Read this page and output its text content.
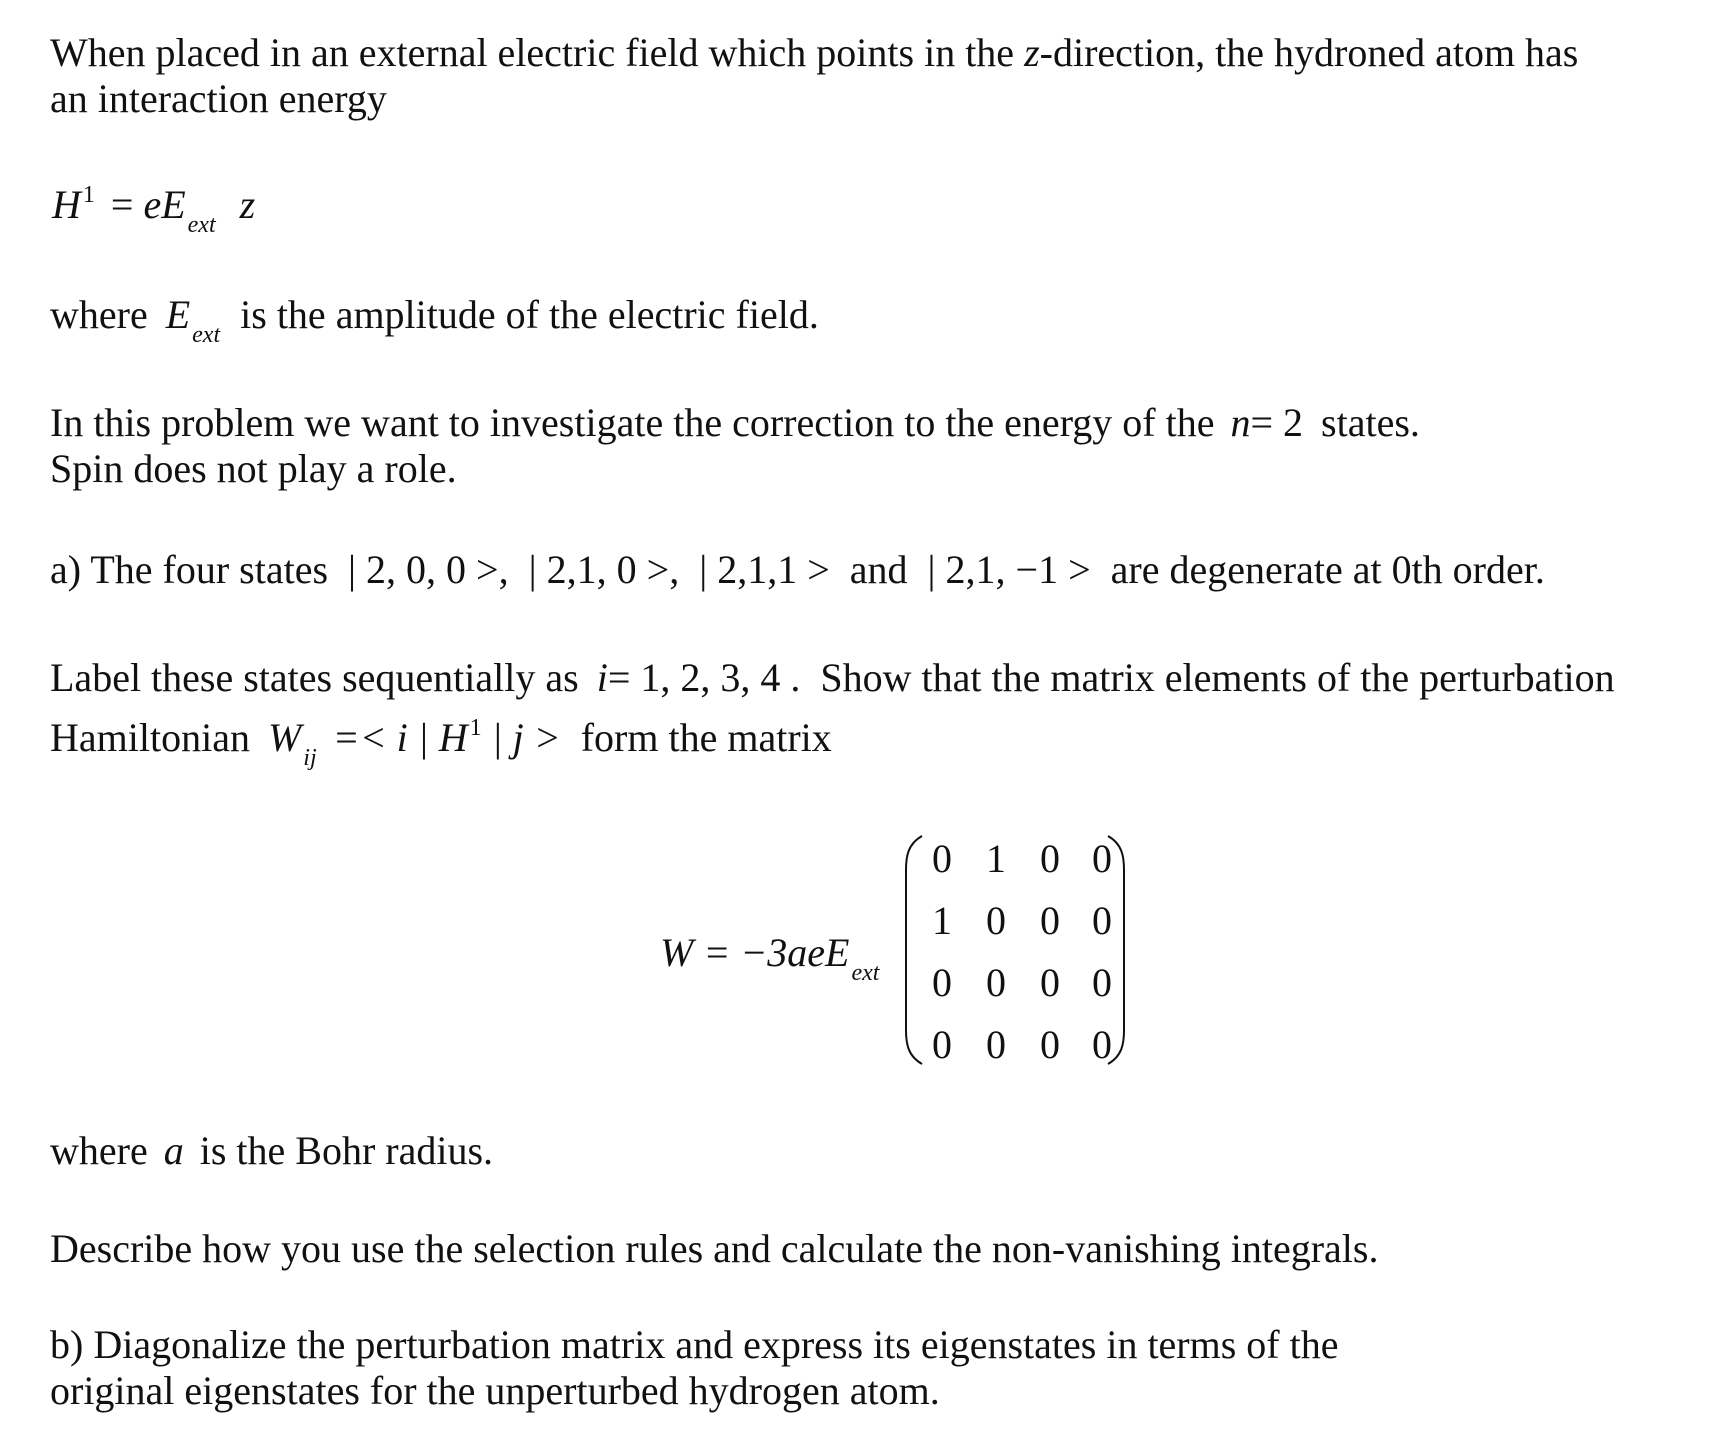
When placed in an external electric field which points in the z-direction, the hydroned atom has
an interaction energy
$H^1 = eE_{ext}$ z
where $E_{ext}$ is the amplitude of the electric field.
In this problem we want to investigate the correction to the energy of the n= 2 states.
Spin does not play a role.
a) The four states | 2, 0, 0 >, | 2,1, 0 >, | 2,1,1 > and | 2,1, −1 > are degenerate at 0th order.
Label these states sequentially as i= 1, 2, 3, 4 . Show that the matrix elements of the perturbation
Hamiltonian $W_{ij} =< i$ | $H^1$ | j > form the matrix
W = −3aeE$_{ext}$
0 1 0 0
1 0 0 0
0 0 0 0
0 0 0 0
where a is the Bohr radius.
Describe how you use the selection rules and calculate the non-vanishing integrals.
b) Diagonalize the perturbation matrix and express its eigenstates in terms of the
original eigenstates for the unperturbed hydrogen atom.
